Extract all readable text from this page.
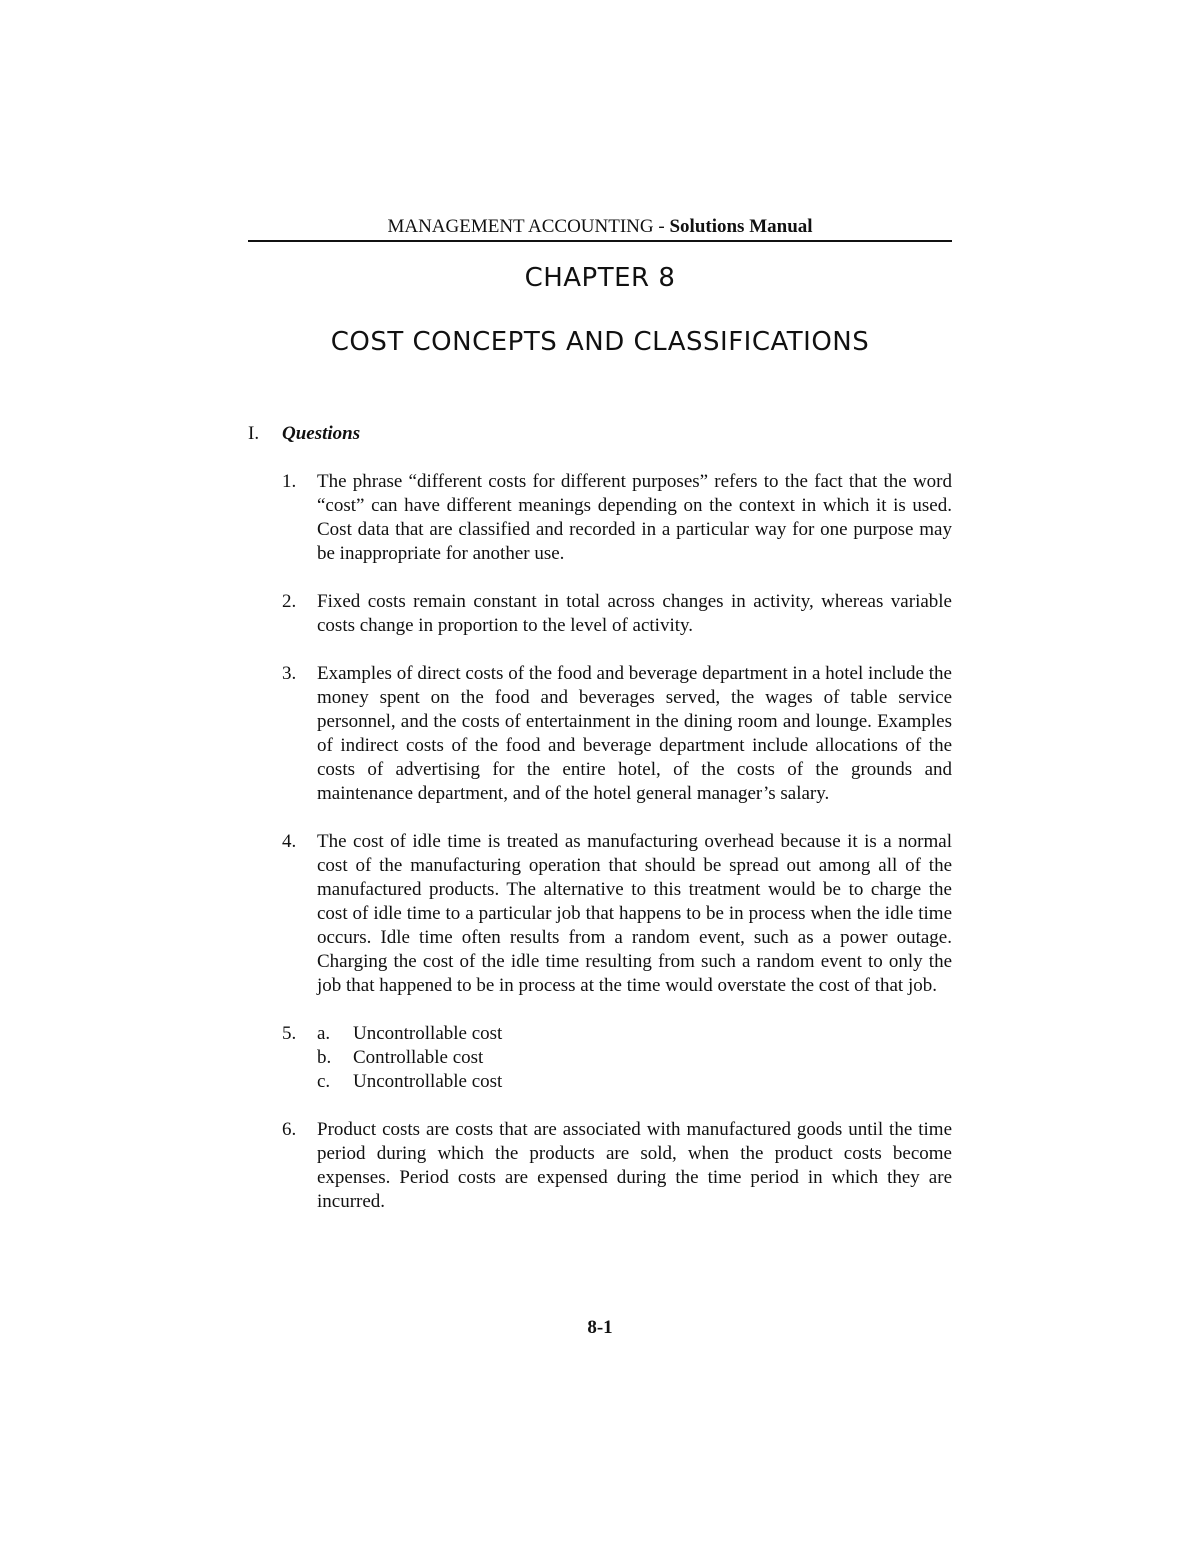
MANAGEMENT ACCOUNTING - Solutions Manual
CHAPTER 8
COST CONCEPTS AND CLASSIFICATIONS
I. Questions
1. The phrase “different costs for different purposes” refers to the fact that the word “cost” can have different meanings depending on the context in which it is used. Cost data that are classified and recorded in a particular way for one purpose may be inappropriate for another use.
2. Fixed costs remain constant in total across changes in activity, whereas variable costs change in proportion to the level of activity.
3. Examples of direct costs of the food and beverage department in a hotel include the money spent on the food and beverages served, the wages of table service personnel, and the costs of entertainment in the dining room and lounge. Examples of indirect costs of the food and beverage department include allocations of the costs of advertising for the entire hotel, of the costs of the grounds and maintenance department, and of the hotel general manager’s salary.
4. The cost of idle time is treated as manufacturing overhead because it is a normal cost of the manufacturing operation that should be spread out among all of the manufactured products. The alternative to this treatment would be to charge the cost of idle time to a particular job that happens to be in process when the idle time occurs. Idle time often results from a random event, such as a power outage. Charging the cost of the idle time resulting from such a random event to only the job that happened to be in process at the time would overstate the cost of that job.
5. a. Uncontrollable cost
b. Controllable cost
c. Uncontrollable cost
6. Product costs are costs that are associated with manufactured goods until the time period during which the products are sold, when the product costs become expenses. Period costs are expensed during the time period in which they are incurred.
8-1
